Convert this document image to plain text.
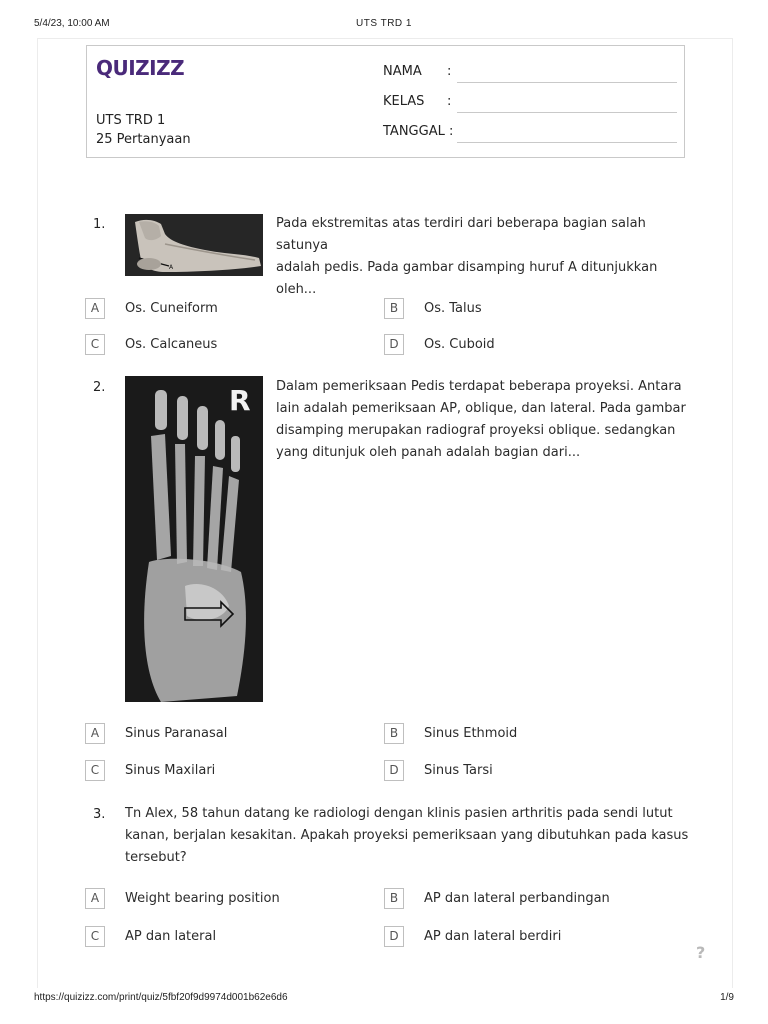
5/4/23, 10:00 AM	UTS TRD 1
QUIZIZZ
UTS TRD 1
25 Pertanyaan
NAMA :
KELAS :
TANGGAL :
1.
A
Pada ekstremitas atas terdiri dari beberapa bagian salah satunya
adalah pedis. Pada gambar disamping huruf A ditunjukkan oleh...
A	Os. Cuneiform	B	Os. Talus
C	Os. Calcaneus	D	Os. Cuboid
2.	R Dalam pemeriksaan Pedis terdapat beberapa proyeksi. Antara
lain adalah pemeriksaan AP, oblique, dan lateral. Pada gambar
disamping merupakan radiograf proyeksi oblique. sedangkan
yang ditunjuk oleh panah adalah bagian dari...
A	Sinus Paranasal	B	Sinus Ethmoid
C	Sinus Maxilari	D	Sinus Tarsi
3. Tn Alex, 58 tahun datang ke radiologi dengan klinis pasien arthritis pada sendi lutut
kanan, berjalan kesakitan. Apakah proyeksi pemeriksaan yang dibutuhkan pada kasus
tersebut?
A	Weight bearing position	B	AP dan lateral perbandingan
C	AP dan lateral	D	AP dan lateral berdiri
?
https://quizizz.com/print/quiz/5fbf20f9d9974d001b62e6d6	1/9
